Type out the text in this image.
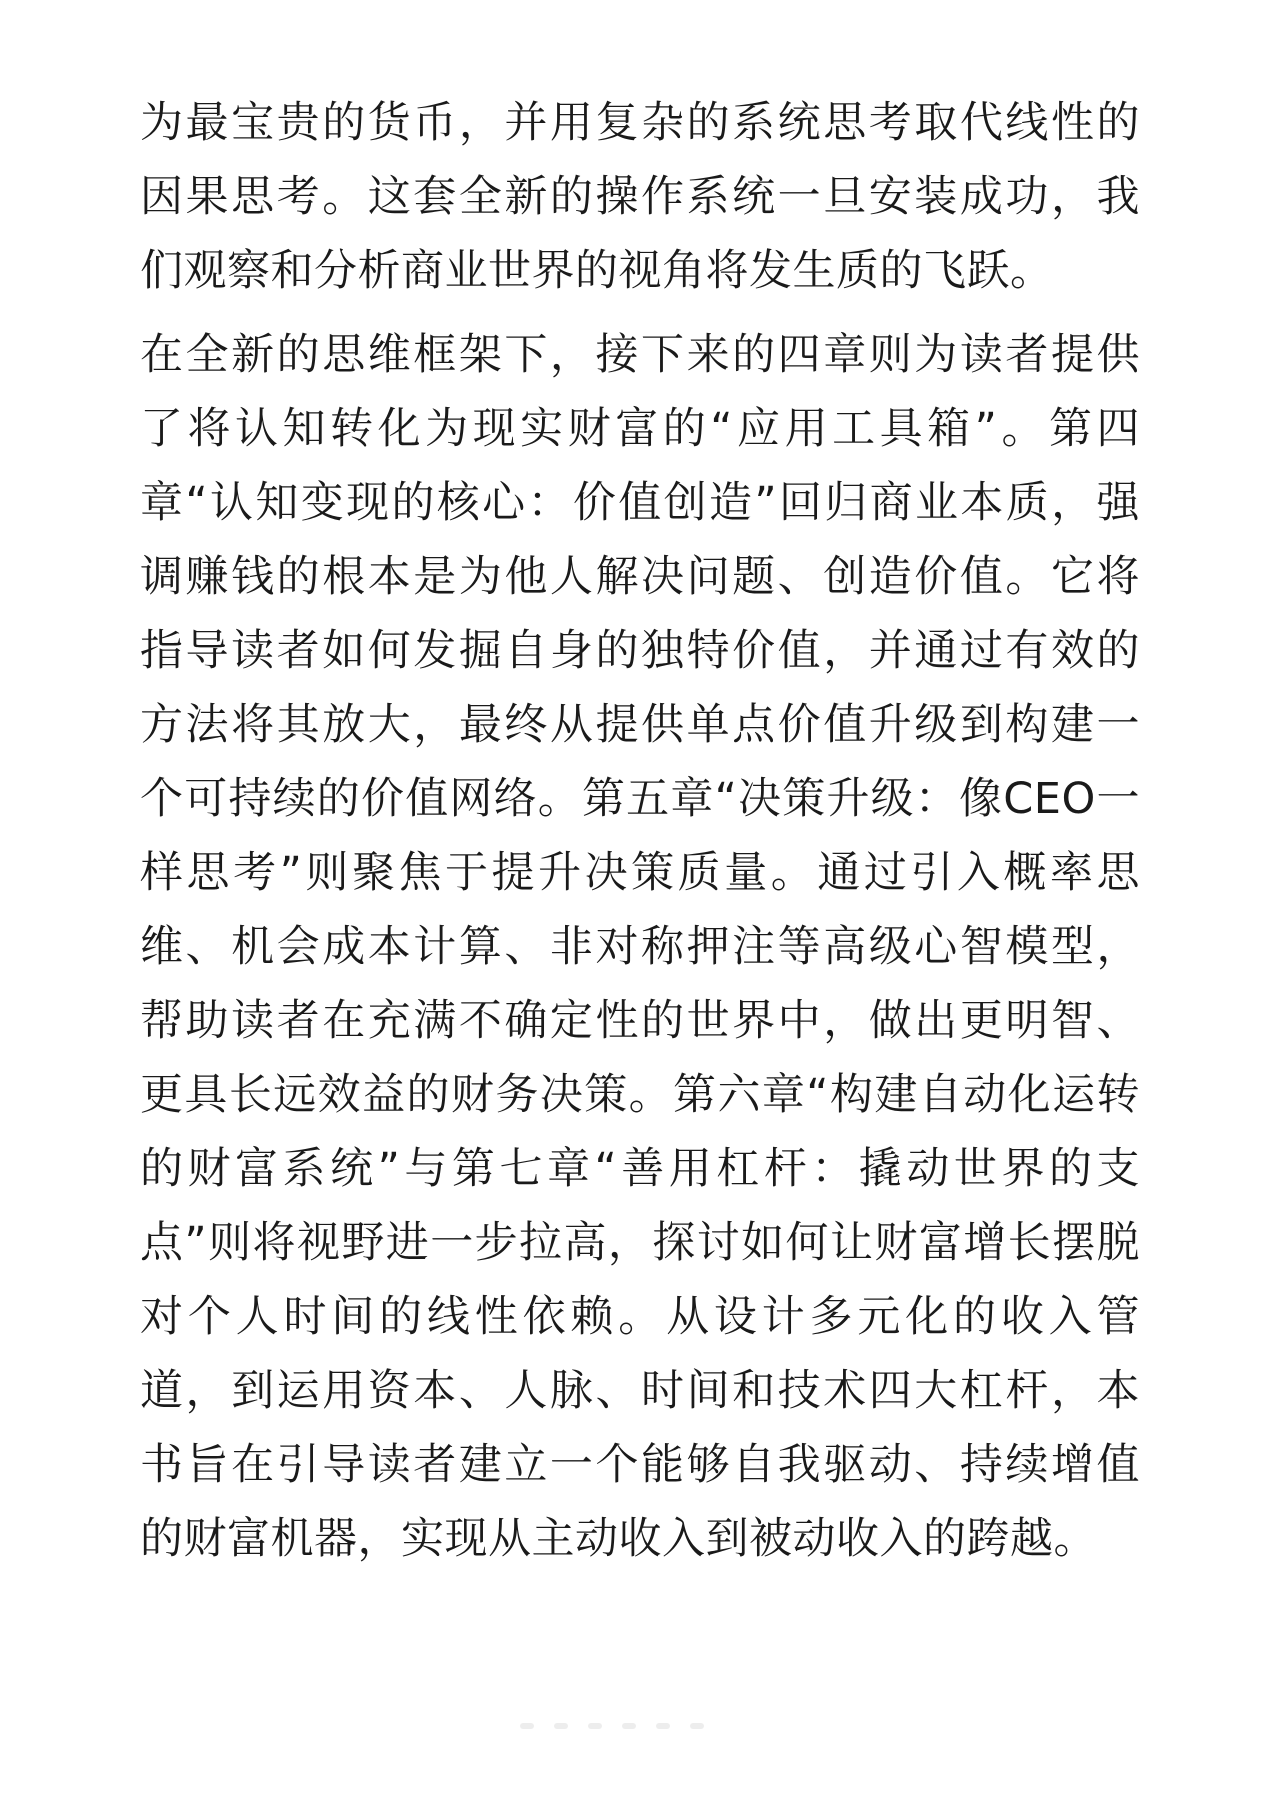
为最宝贵的货币，并用复杂的系统思考取代线性的因果思考。这套全新的操作系统一旦安装成功，我们观察和分析商业世界的视角将发生质的飞跃。

在全新的思维框架下，接下来的四章则为读者提供了将认知转化为现实财富的“应用工具箱”。第四章“认知变现的核心：价值创造”回归商业本质，强调赚钱的根本是为他人解决问题、创造价值。它将指导读者如何发掘自身的独特价值，并通过有效的方法将其放大，最终从提供单点价值升级到构建一个可持续的价值网络。第五章“决策升级：像CEO一样思考”则聚焦于提升决策质量。通过引入概率思维、机会成本计算、非对称押注等高级心智模型，帮助读者在充满不确定性的世界中，做出更明智、更具长远效益的财务决策。第六章“构建自动化运转的财富系统”与第七章“善用杠杆：撬动世界的支点”则将视野进一步拉高，探讨如何让财富增长摆脱对个人时间的线性依赖。从设计多元化的收入管道，到运用资本、人脉、时间和技术四大杠杆，本书旨在引导读者建立一个能够自我驱动、持续增值的财富机器，实现从主动收入到被动收入的跨越。
